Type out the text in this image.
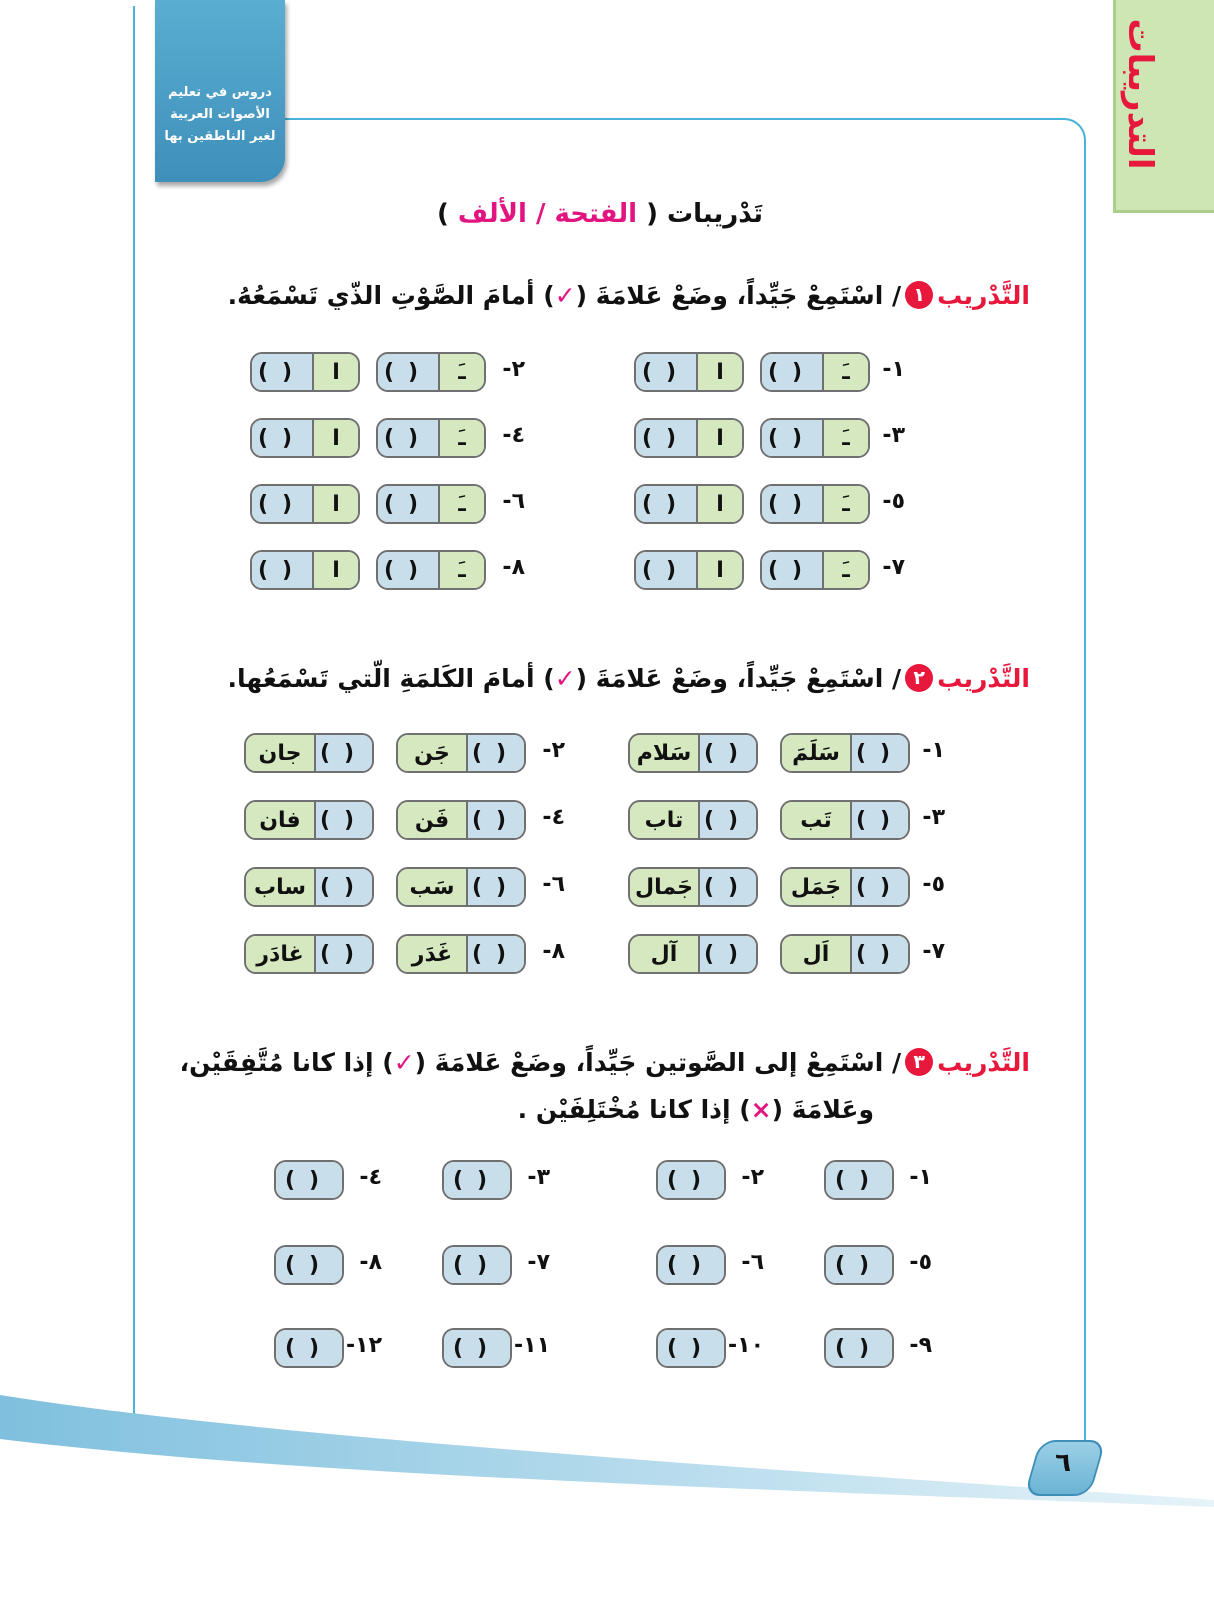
دروس في تعليم
الأصوات العربية
لغير الناطقين بها	التدريبات
تَدْريبات ( الفتحة / الألف )
التَّدْريب١/ اسْتَمِعْ جَيِّداً، وضَعْ عَلامَةَ (✓) أمامَ الصَّوْتِ الذّي تَسْمَعُهُ.
١-
()	ـَ
()	ا
٢-
()	ـَ
()	ا
٣-
()	ـَ
()	ا
٤-
()	ـَ
()	ا
٥-
()	ـَ
()	ا
٦-
()	ـَ
()	ا
٧-
()	ـَ
()	ا
٨-
()	ـَ
()	ا
التَّدْريب٢/ اسْتَمِعْ جَيِّداً، وضَعْ عَلامَةَ (✓) أمامَ الكَلمَةِ الّتي تَسْمَعُها.
١-
سَلَمَ ()
سَلام ()
٢-
جَن	()
جان ()
٣-
تَب	()
تاب ()
٤-
فَن	()
فان ()
٥-
جَمَل ()
جَمال ()
٦-
سَب ()
ساب ()
٧-
اَل	()
آل	()
٨-
غَدَر ()
غادَر ()
التَّدْريب٣/ اسْتَمِعْ إلى الصَّوتين جَيِّداً، وضَعْ عَلامَةَ (✓) إذا كانا مُتَّفِقَيْن،
وعَلامَةَ (×) إذا كانا مُخْتَلِفَيْن .
١-
()
٢-
()
٣-
()
٤-
()
٥-
()
٦-
()
٧-
()
٨-
()
٩-
()
١٠-
()
١١-
()
١٢-
()
٦
